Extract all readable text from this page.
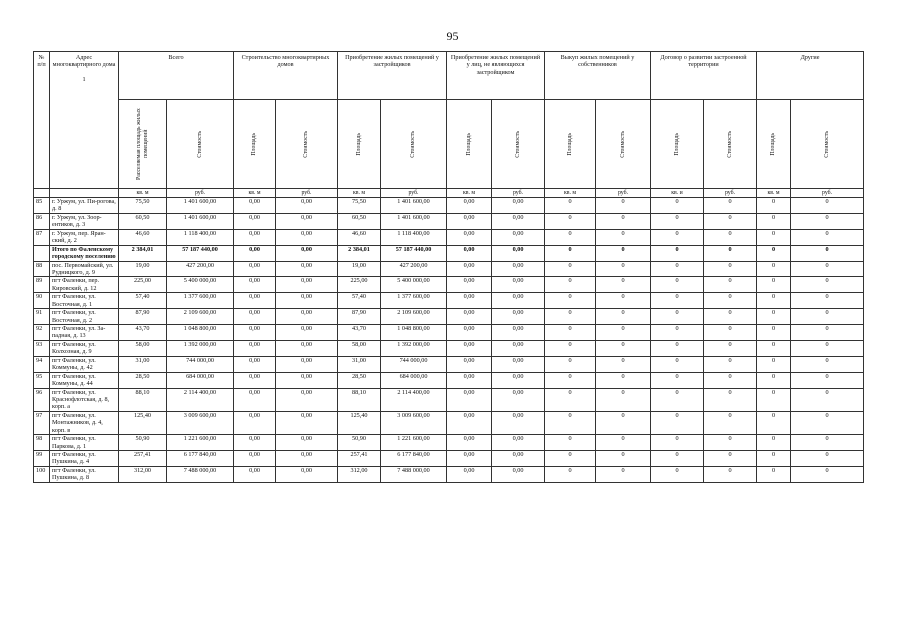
95
№ п/п	Адрес многоквартирного дома

1	Всего		Строительство многоквартирных домов		Приобретение жилых помещений у застройщиков		Приобретение жилых помещений у лиц, не являющихся застройщиком		Выкуп жилых помещений у собственников		Договор о развитии застроенной территории		Другие	

		Расселяемая площадь жилых помещений	Стоимость	Площадь	Стоимость	Площадь	Стоимость	Площадь	Стоимость	Площадь	Стоимость	Площадь	Стоимость	Площадь	Стоимость

		кв. м	руб.	кв. м	руб.	кв. м	руб.	кв. м	руб.	кв. м	руб.	кв. и	руб.	кв. м	руб.
85	г. Уржум, ул. Пи-рогова, д. 8	75,50	1 401 600,00	0,00	0,00	75,50	1 401 600,00	0,00	0,00	0	0	0	0	0	0
86	г. Уржум, ул. Зоор-ентиков, д. 3	60,50	1 401 600,00	0,00	0,00	60,50	1 401 600,00	0,00	0,00	0	0	0	0	0	0
87	г. Уржум, пер. Яран-ский, д. 2	46,60	1 118 400,00	0,00	0,00	46,60	1 118 400,00	0,00	0,00	0	0	0	0	0	0
	Итого по Фаленскому городскому поселению	2 384,01	57 187 440,00	0,00	0,00	2 384,01	57 187 440,00	0,00	0,00	0	0	0	0	0	0
88	пос. Первомайский, ул. Рудницкого, д. 9	19,00	427 200,00	0,00	0,00	19,00	427 200,00	0,00	0,00	0	0	0	0	0	0
89	пгт Фаленки, пер. Кировский, д. 12	225,00	5 400 000,00	0,00	0,00	225,00	5 400 000,00	0,00	0,00	0	0	0	0	0	0
90	пгт Фаленки, ул. Восточная, д. 1	57,40	1 377 600,00	0,00	0,00	57,40	1 377 600,00	0,00	0,00	0	0	0	0	0	0
91	пгт Фаленки, ул. Восточная, д. 2	87,90	2 109 600,00	0,00	0,00	87,90	2 109 600,00	0,00	0,00	0	0	0	0	0	0
92	пгт Фаленки, ул. За-падная, д. 13	43,70	1 048 800,00	0,00	0,00	43,70	1 048 800,00	0,00	0,00	0	0	0	0	0	0
93	пгт Фаленки, ул. Колхозная, д. 9	58,00	1 392 000,00	0,00	0,00	58,00	1 392 000,00	0,00	0,00	0	0	0	0	0	0
94	пгт Фаленки, ул. Коммуны, д. 42	31,00	744 000,00	0,00	0,00	31,00	744 000,00	0,00	0,00	0	0	0	0	0	0
95	пгт Фаленки, ул. Коммуны, д. 44	28,50	684 000,00	0,00	0,00	28,50	684 000,00	0,00	0,00	0	0	0	0	0	0
96	пгт Фаленки, ул. Краснофлотская, д. 8, корп. а	88,10	2 114 400,00	0,00	0,00	88,10	2 114 400,00	0,00	0,00	0	0	0	0	0	0
97	пгт Фаленки, ул. Монтажников, д. 4, корп. в	125,40	3 009 600,00	0,00	0,00	125,40	3 009 600,00	0,00	0,00	0	0	0	0	0	0
98	пгт Фаленки, ул. Паркова, д. 1	50,90	1 221 600,00	0,00	0,00	50,90	1 221 600,00	0,00	0,00	0	0	0	0	0	0
99	пгт Фаленки, ул. Пушкина, д. 4	257,41	6 177 840,00	0,00	0,00	257,41	6 177 840,00	0,00	0,00	0	0	0	0	0	0
100	пгт Фаленки, ул. Пушкина, д. 8	312,00	7 488 000,00	0,00	0,00	312,00	7 488 000,00	0,00	0,00	0	0	0	0	0	0
